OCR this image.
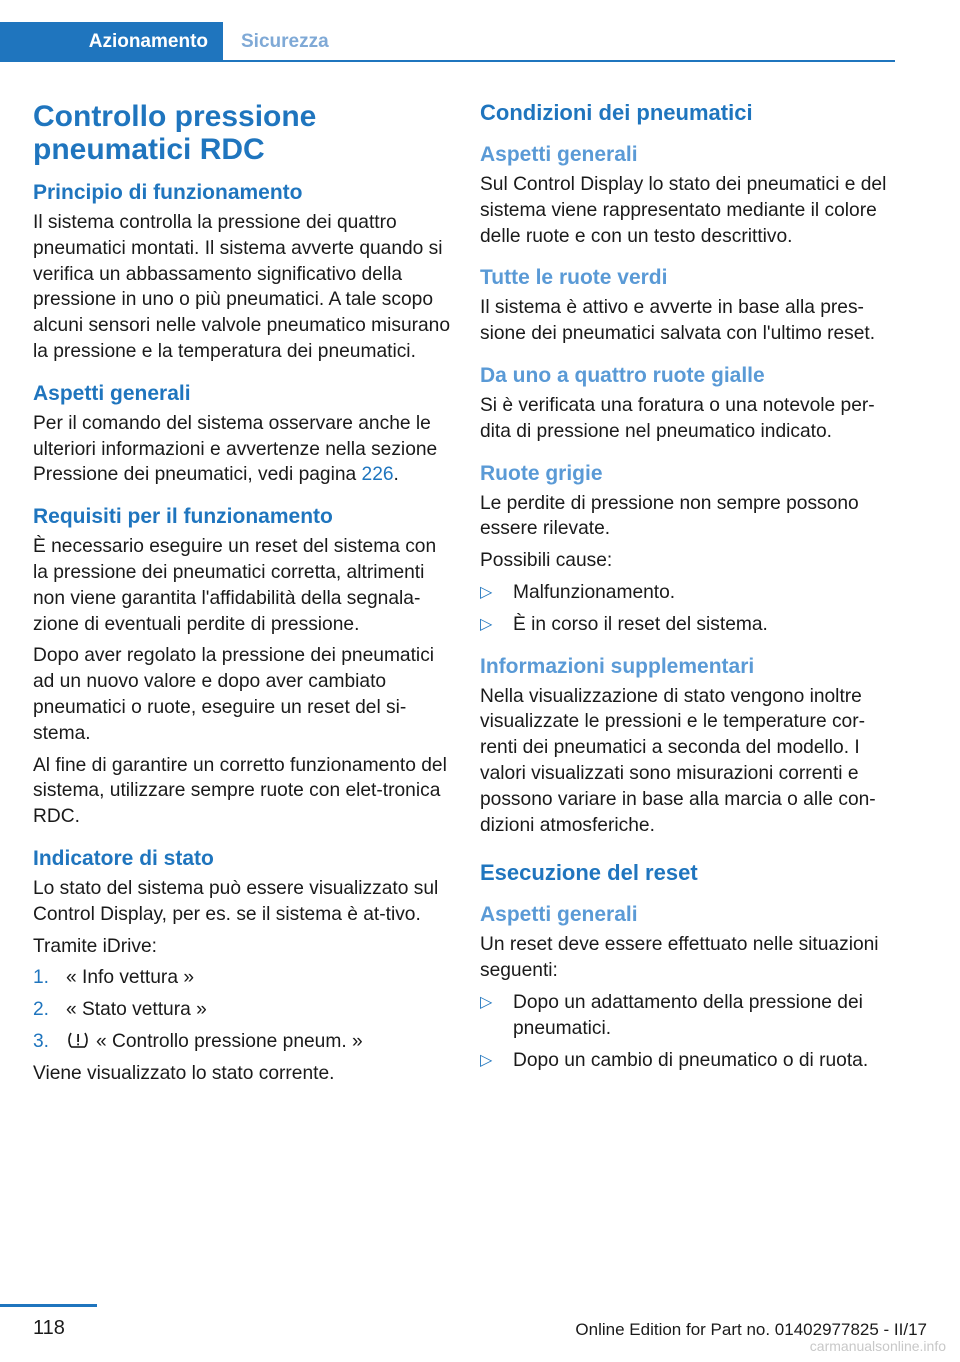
Azionamento	Sicurezza
Controllo pressione pneumatici RDC
Principio di funzionamento

Il sistema controlla la pressione dei quattro pneumatici montati. Il sistema avverte quando si verifica un abbassamento significativo della pressione in uno o più pneumatici. A tale scopo alcuni sensori nelle valvole pneumatico misurano la pressione e la temperatura dei pneumatici.

Aspetti generali

Per il comando del sistema osservare anche le ulteriori informazioni e avvertenze nella sezione Pressione dei pneumatici, vedi pagina 226.

Requisiti per il funzionamento

È necessario eseguire un reset del sistema con la pressione dei pneumatici corretta, altrimenti non viene garantita l'affidabilità della segnala-zione di eventuali perdite di pressione.

Dopo aver regolato la pressione dei pneumatici ad un nuovo valore e dopo aver cambiato pneumatici o ruote, eseguire un reset del si-stema.

Al fine di garantire un corretto funzionamento del sistema, utilizzare sempre ruote con elet-tronica RDC.

Indicatore di stato

Lo stato del sistema può essere visualizzato sul Control Display, per es. se il sistema è at-tivo.

Tramite iDrive:

1. « Info vettura »
2. « Stato vettura »
3. « Controllo pressione pneum. »

Viene visualizzato lo stato corrente.

Condizioni dei pneumatici
Aspetti generali

Sul Control Display lo stato dei pneumatici e del sistema viene rappresentato mediante il colore delle ruote e con un testo descrittivo.

Tutte le ruote verdi

Il sistema è attivo e avverte in base alla pres-sione dei pneumatici salvata con l'ultimo reset.

Da uno a quattro ruote gialle

Si è verificata una foratura o una notevole per-dita di pressione nel pneumatico indicato.

Ruote grigie

Le perdite di pressione non sempre possono essere rilevate.

Possibili cause:

▷ Malfunzionamento.
▷ È in corso il reset del sistema.
Informazioni supplementari

Nella visualizzazione di stato vengono inoltre visualizzate le pressioni e le temperature cor-renti dei pneumatici a seconda del modello. I valori visualizzati sono misurazioni correnti e possono variare in base alla marcia o alle con-dizioni atmosferiche.

Esecuzione del reset
Aspetti generali

Un reset deve essere effettuato nelle situazioni seguenti:

▷ Dopo un adattamento della pressione dei pneumatici.
▷ Dopo un cambio di pneumatico o di ruota.
118	Online Edition for Part no. 01402977825 - II/17
carmanualsonline.info
